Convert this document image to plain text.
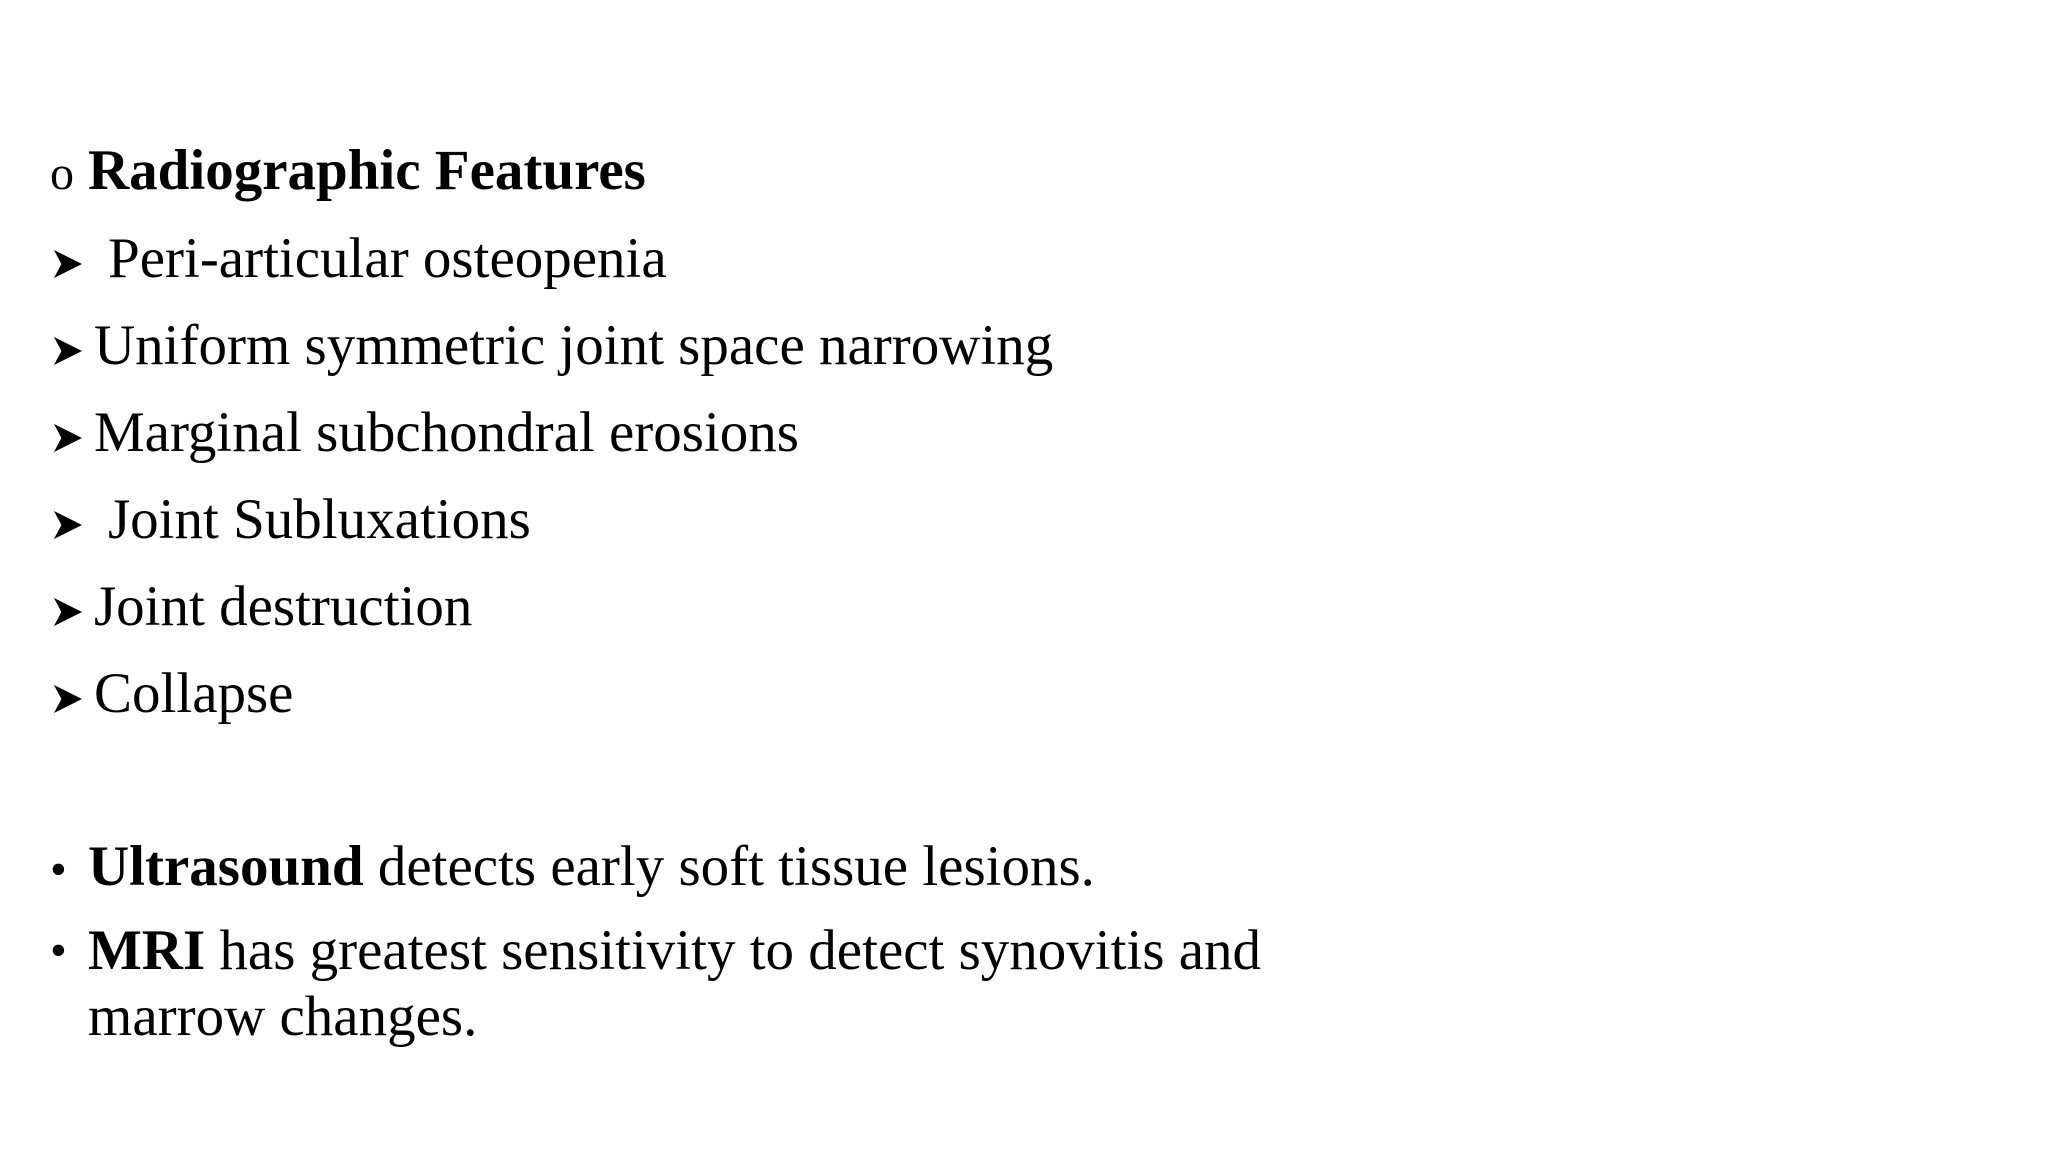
o Radiographic Features
Peri-articular osteopenia
Uniform symmetric joint space narrowing
Marginal subchondral erosions
Joint Subluxations
Joint destruction
Collapse
• Ultrasound detects early soft tissue lesions.
• MRI has greatest sensitivity to detect synovitis and marrow changes.
